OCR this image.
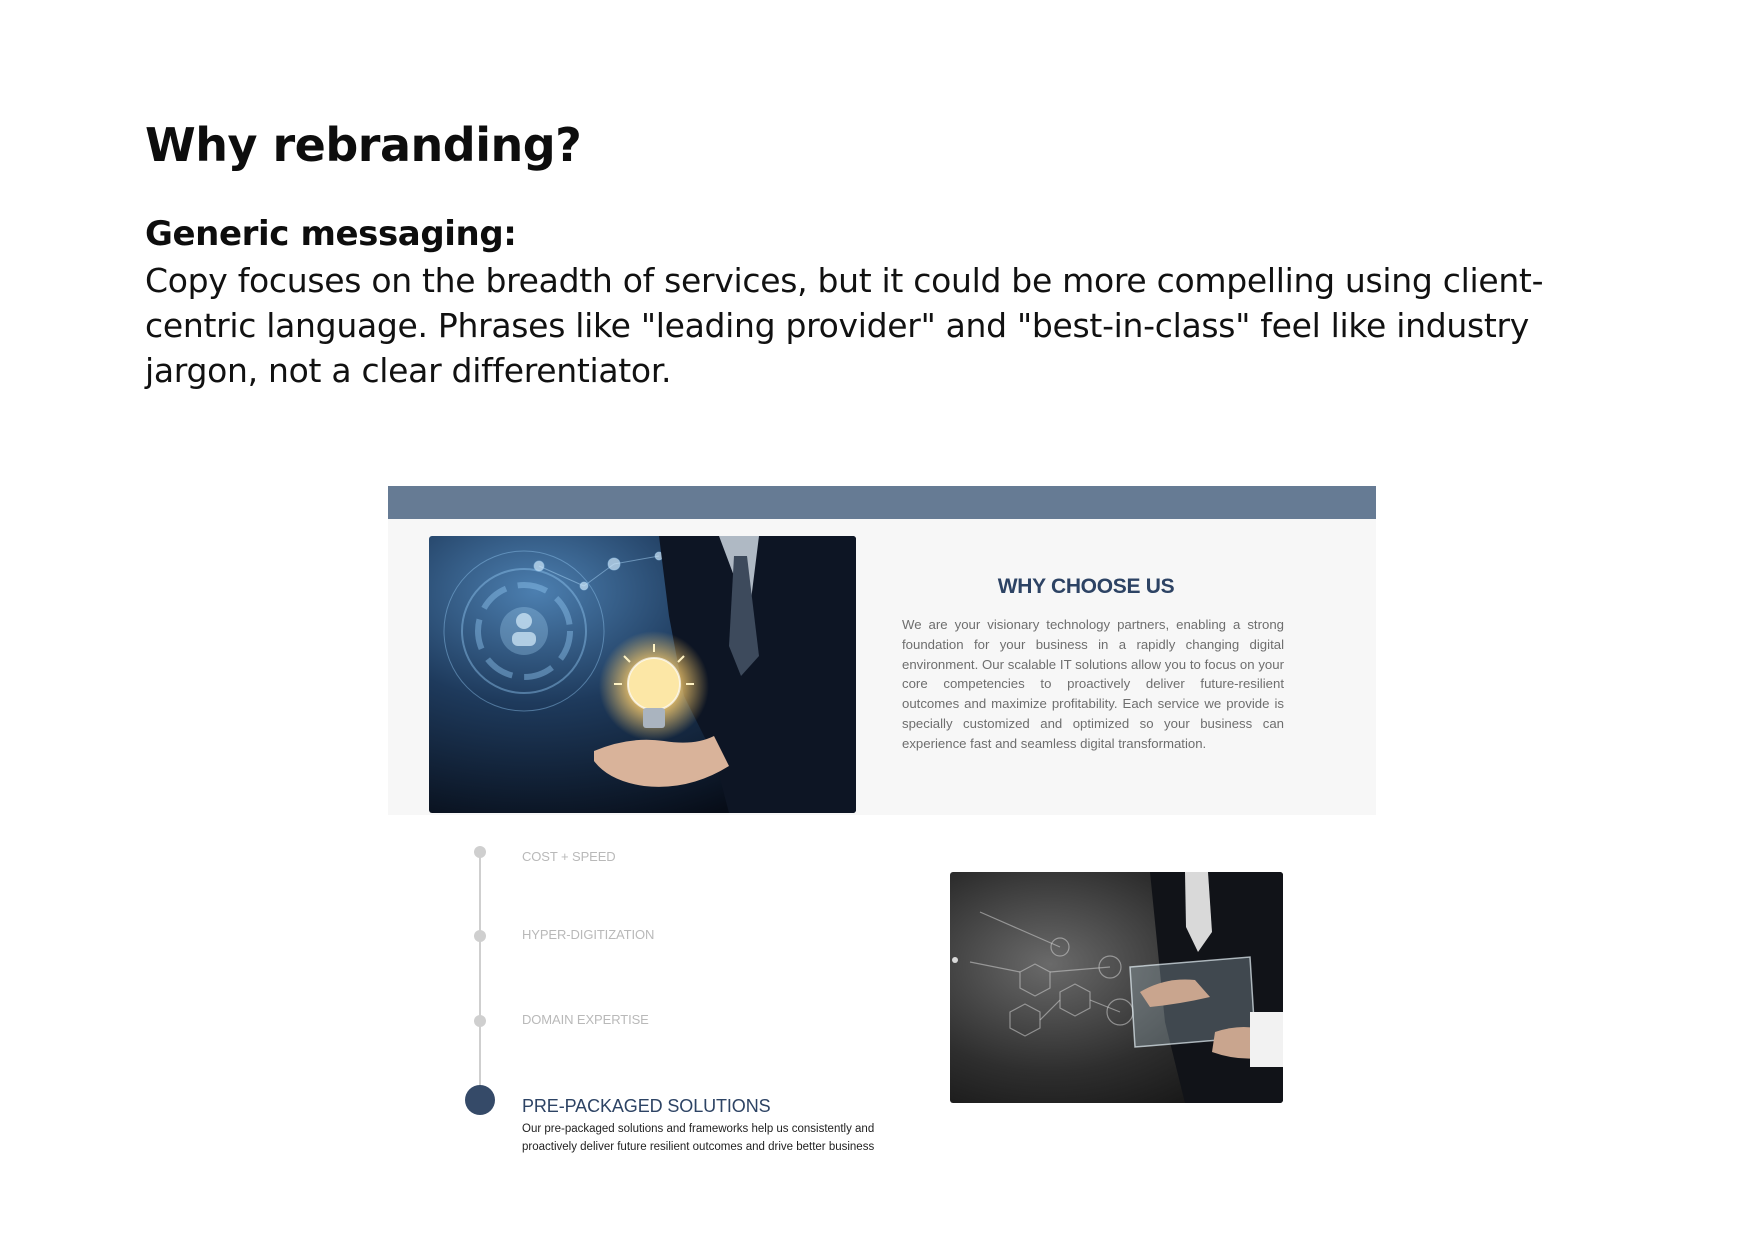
Why rebranding?
Generic messaging:

Copy focuses on the breadth of services, but it could be more compelling using client-centric language. Phrases like "leading provider" and "best-in-class" feel like industry jargon, not a clear differentiator.

WHY CHOOSE US

We are your visionary technology partners, enabling a strong foundation for your business in a rapidly changing digital environment. Our scalable IT solutions allow you to focus on your core competencies to proactively deliver future-resilient outcomes and maximize profitability. Each service we provide is specially customized and optimized so your business can experience fast and seamless digital transformation.

COST + SPEED

HYPER-DIGITIZATION

DOMAIN EXPERTISE

PRE-PACKAGED SOLUTIONS

Our pre-packaged solutions and frameworks help us consistently and proactively deliver future resilient outcomes and drive better business
